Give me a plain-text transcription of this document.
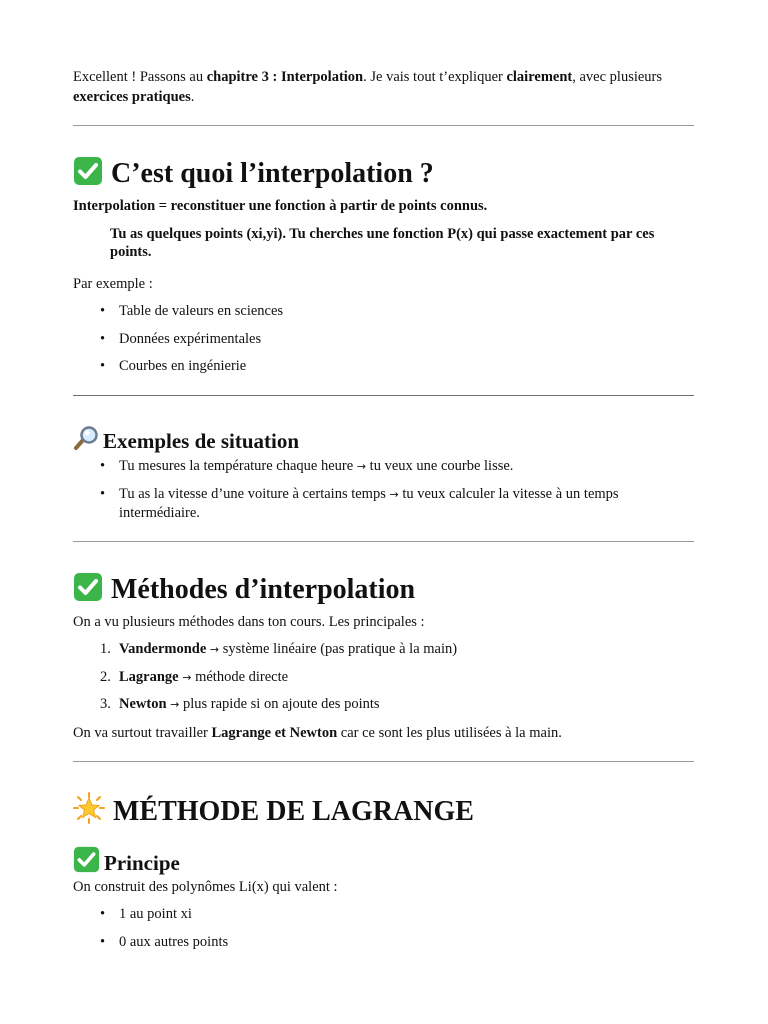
Excellent ! Passons au chapitre 3 : Interpolation. Je vais tout t’expliquer clairement, avec plusieurs exercices pratiques.

C’est quoi l’interpolation ?

Interpolation = reconstituer une fonction à partir de points connus.

Tu as quelques points (xi,yi). Tu cherches une fonction P(x) qui passe exactement par ces points.

Par exemple :

• Table de valeurs en sciences
• Données expérimentales
• Courbes en ingénierie
Exemples de situation
• Tu mesures la température chaque heure → tu veux une courbe lisse.
• Tu as la vitesse d’une voiture à certains temps → tu veux calculer la vitesse à un temps intermédiaire.
Méthodes d’interpolation

On a vu plusieurs méthodes dans ton cours. Les principales :

1. Vandermonde → système linéaire (pas pratique à la main)
2. Lagrange → méthode directe
3. Newton → plus rapide si on ajoute des points

On va surtout travailler Lagrange et Newton car ce sont les plus utilisées à la main.

MÉTHODE DE LAGRANGE
Principe

On construit des polynômes Li(x) qui valent :

• 1 au point xi
• 0 aux autres points
